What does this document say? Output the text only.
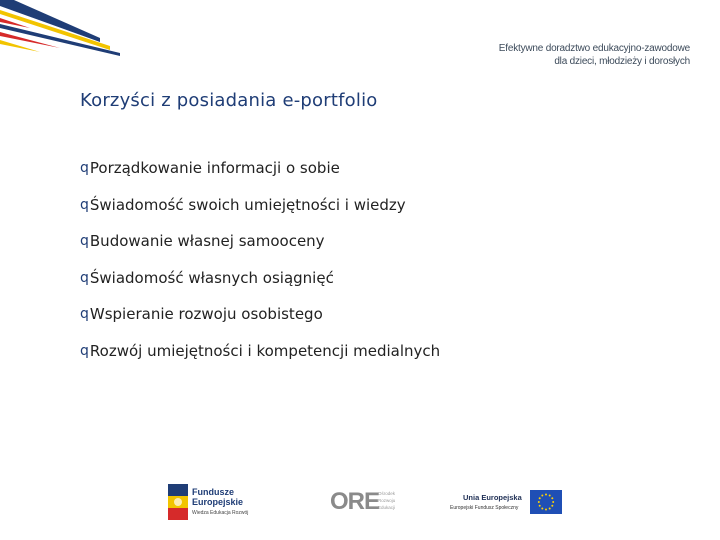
Efektywne doradztwo edukacyjno-zawodowe
dla dzieci, młodzieży i dorosłych
Korzyści z posiadania e-portfolio
q Porządkowanie informacji o sobie
q Świadomość swoich umiejętności i wiedzy
q Budowanie własnej samooceny
q Świadomość własnych osiągnięć
q Wspieranie rozwoju osobistego
q Rozwój umiejętności i kompetencji medialnych
Fundusze
Europejskie
Wiedza Edukacja Rozwój	ORE
Ośrodek
Rozwoju
Edukacji
Unia Europejska
Europejski Fundusz Społeczny
